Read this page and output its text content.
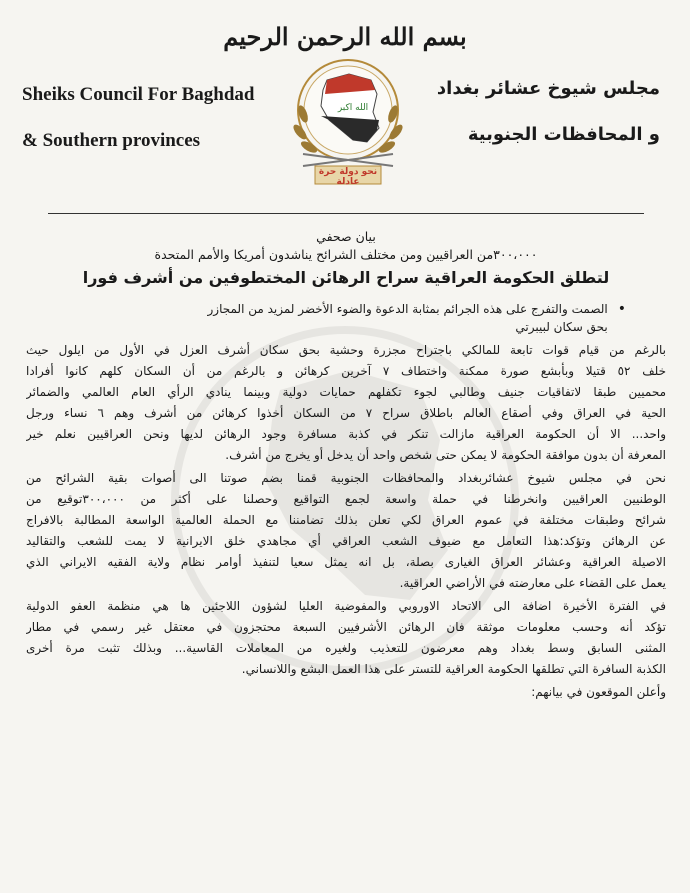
بسم الله الرحمن الرحيم
Sheiks Council For Baghdad
& Southern provinces
مجلس شيوخ عشائر بغداد
و المحافظات الجنوبية
الله اكبر
نحو دولة حرة عادلة
بيان صحفي
٣٠٠،٠٠٠من العراقيين ومن مختلف الشرائح يناشدون أمريكا والأمم المتحدة
لتطلق الحكومة العراقية سراح الرهائن المختطوفين من أشرف فورا
•
الصمت والتفرج على هذه الجرائم بمثابة الدعوة والضوء الأخضر لمزيد من المجازر
بحق سكان لبيبرتي
بالرغم من قيام قوات تابعة للمالكي باجتراح مجزرة وحشية بحق سكان أشرف العزل في الأول من ايلول حيث
خلف ٥٢ قتيلا وبأبشع صورة ممكنة واختطاف ٧ آخرين كرهائن و بالرغم من أن السكان كلهم كانوا أفرادا
محميين طبقا لاتفاقيات جنيف وطالبي لجوء تكفلهم حمايات دولية وبينما ينادي الرأي العام العالمي والضمائر
الحية في العراق وفي أصقاع العالم باطلاق سراح ٧ من السكان أخذوا كرهائن من أشرف وهم ٦ نساء ورجل
واحد... الا أن الحكومة العراقية مازالت تنكر في كذبة مسافرة وجود الرهائن لديها ونحن العراقيين نعلم خير
المعرفة أن بدون موافقة الحكومة لا يمكن حتى شخص واحد أن يدخل أو يخرج من أشرف.
نحن في مجلس شيوخ عشائربغداد والمحافظات الجنوبية قمنا بضم صوتنا الى أصوات بقية الشرائح من
الوطنيين العراقيين وانخرطنا في حملة واسعة لجمع التواقيع وحصلنا على أكثر من ٣٠٠،٠٠٠توقيع من
شرائح وطبقات مختلفة في عموم العراق لكي تعلن بذلك تضامننا مع الحملة العالمية الواسعة المطالبة بالافراج
عن الرهائن وتؤكد:هذا التعامل مع ضيوف الشعب العراقي أي مجاهدي خلق الايرانية لا يمت للشعب والتقاليد
الاصيلة العراقية وعشائر العراق الغيارى بصلة، بل انه يمثل سعيا لتنفيذ أوامر نظام ولاية الفقيه الايراني الذي
يعمل على القضاء على معارضته في الأراضي العراقية.
في الفترة الأخيرة اضافة الى الاتحاد الاوروبي والمفوضية العليا لشؤون اللاجئين ها هي منظمة العفو الدولية
تؤكد أنه وحسب معلومات موثقة فان الرهائن الأشرفيين السبعة محتجزون في معتقل غير رسمي في مطار
المثنى السابق وسط بغداد وهم معرضون للتعذيب ولغيره من المعاملات القاسية... وبذلك تثبت مرة أخرى
الكذبة السافرة التي تطلقها الحكومة العراقية للتستر على هذا العمل البشع واللانساني.
وأعلن الموقعون في بيانهم:
